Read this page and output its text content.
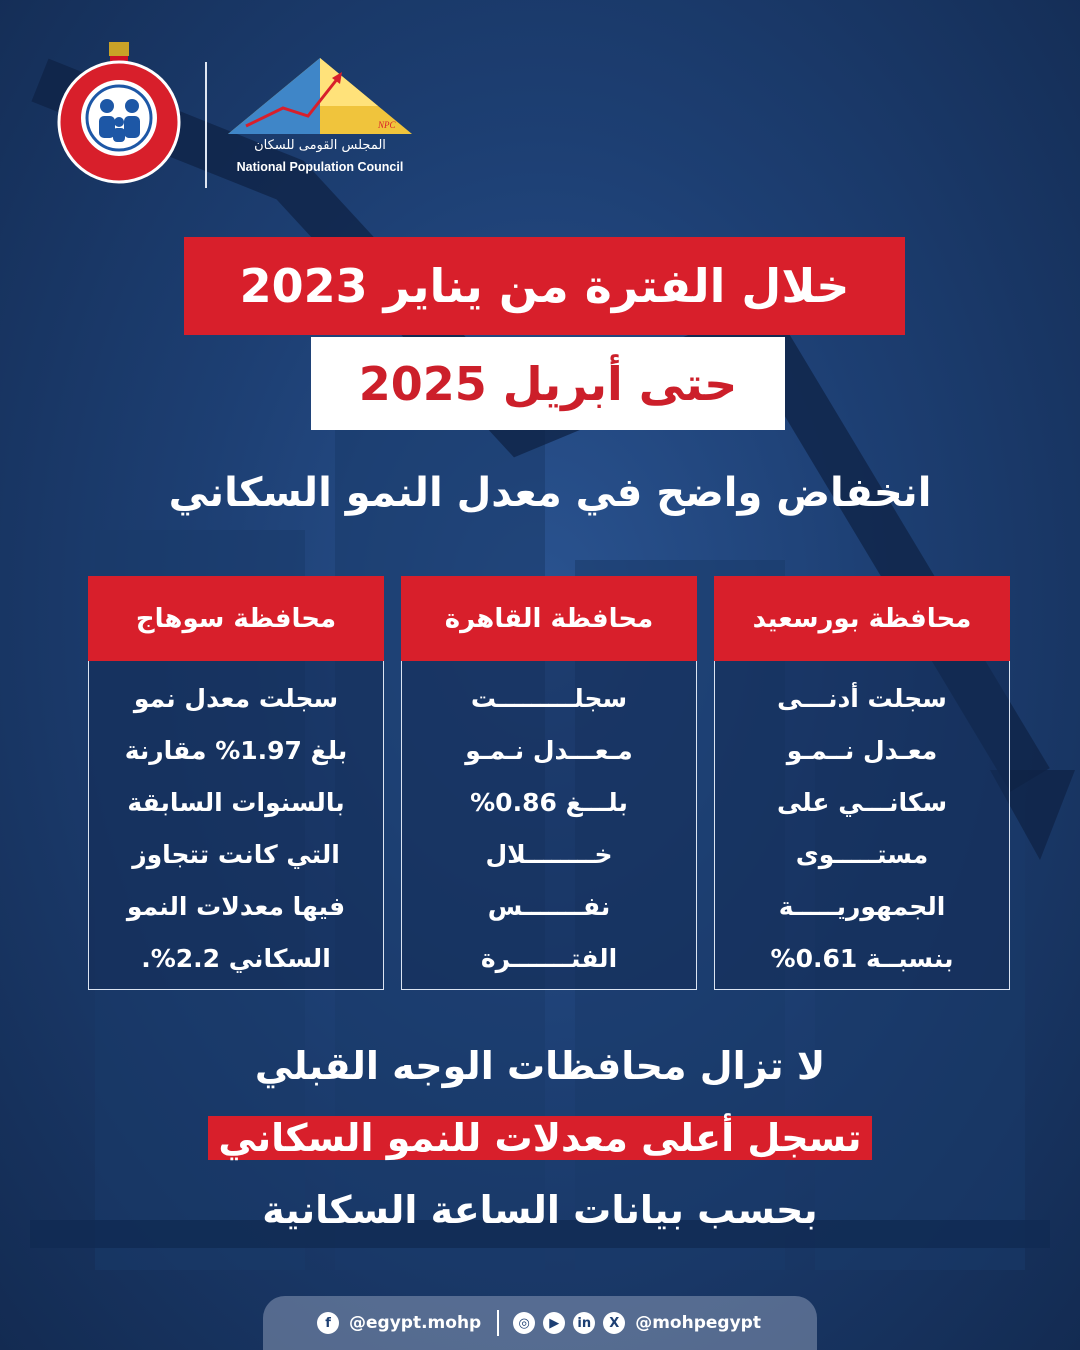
NPC
المجلس القومى للسكان
National Population Council
خلال الفترة من يناير 2023
حتى أبريل 2025
انخفاض واضح في معدل النمو السكاني
محافظة بورسعيد
سجلت أدنـــى
معـدل نــمـو
سكانـــي على
مستـــــوى
الجمهوريـــــة
بنسبــة 0.61%
محافظة القاهرة
سجلـــــــــت
مـعـــدل نـمـو
بلـــغ 0.86%
خــــــــلال
نفـــــــس
الفتـــــــرة
محافظة سوهاج
سجلت معدل نمو
بلغ 1.97% مقارنة
بالسنوات السابقة
التي كانت تتجاوز
فيها معدلات النمو
السكاني 2.2%.
لا تزال محافظات الوجه القبلي
تسجل أعلى معدلات للنمو السكاني
بحسب بيانات الساعة السكانية
f	@egypt.mohp	◎	▶	in	X @mohpegypt
